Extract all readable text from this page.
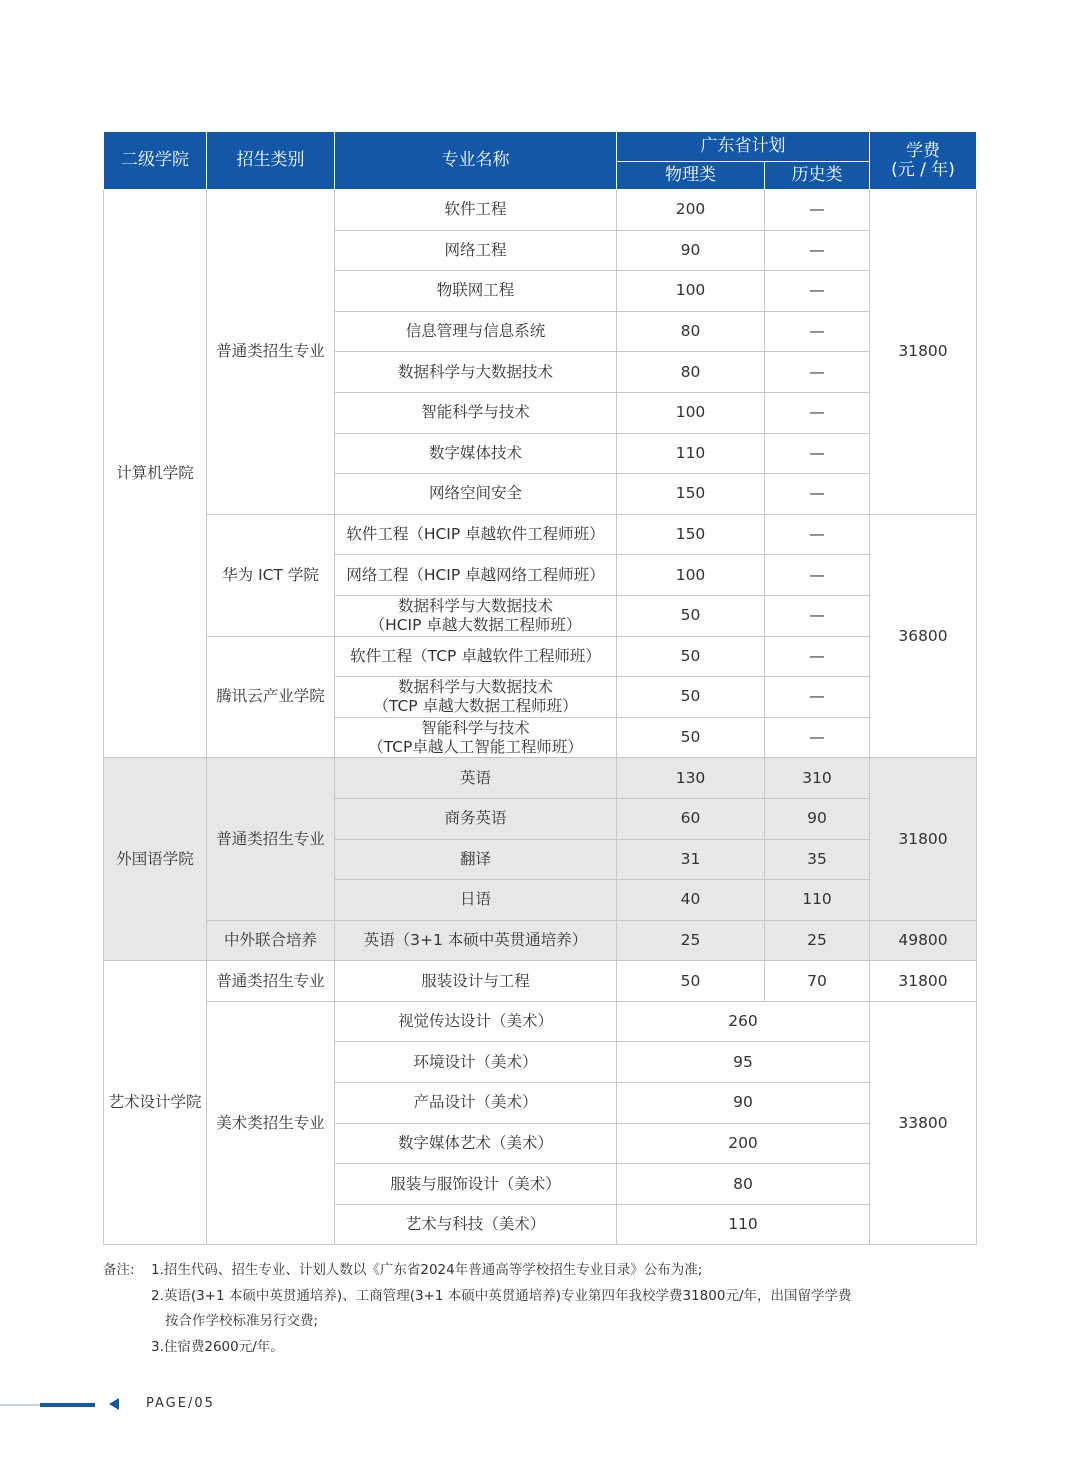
二级学院	招生类别	专业名称	广东省计划		学费
(元 / 年)

			物理类	历史类	
计算机学院	普通类招生专业	软件工程	200	—	31800
		网络工程	90	—	
		物联网工程	100	—	
		信息管理与信息系统	80	—	
		数据科学与大数据技术	80	—	
		智能科学与技术	100	—	
		数字媒体技术	110	—	
		网络空间安全	150	—	
	华为 ICT 学院	软件工程（HCIP 卓越软件工程师班）	150	—	36800
		网络工程（HCIP 卓越网络工程师班）	100	—	

		数据科学与大数据技术
（HCIP 卓越大数据工程师班）	50	—	
	腾讯云产业学院	软件工程（TCP 卓越软件工程师班）	50	—	

		数据科学与大数据技术
（TCP 卓越大数据工程师班）	50	—	

		智能科学与技术
（TCP卓越人工智能工程师班）	50	—	
外国语学院	普通类招生专业	英语	130	310	31800
		商务英语	60	90	
		翻译	31	35	
		日语	40	110	
	中外联合培养	英语（3+1 本硕中英贯通培养）	25	25	49800
艺术设计学院	普通类招生专业	服装设计与工程	50	70	31800
	美术类招生专业	视觉传达设计（美术）	260		33800
		环境设计（美术）	95		
		产品设计（美术）	90		
		数字媒体艺术（美术）	200		
		服装与服饰设计（美术）	80		
		艺术与科技（美术）	110		
备注:	1.招生代码、招生专业、计划人数以《广东省2024年普通高等学校招生专业目录》公布为准;
2.英语(3+1 本硕中英贯通培养)、工商管理(3+1 本硕中英贯通培养)专业第四年我校学费31800元/年，出国留学学费
按合作学校标准另行交费;
3.住宿费2600元/年。
PAGE/05
